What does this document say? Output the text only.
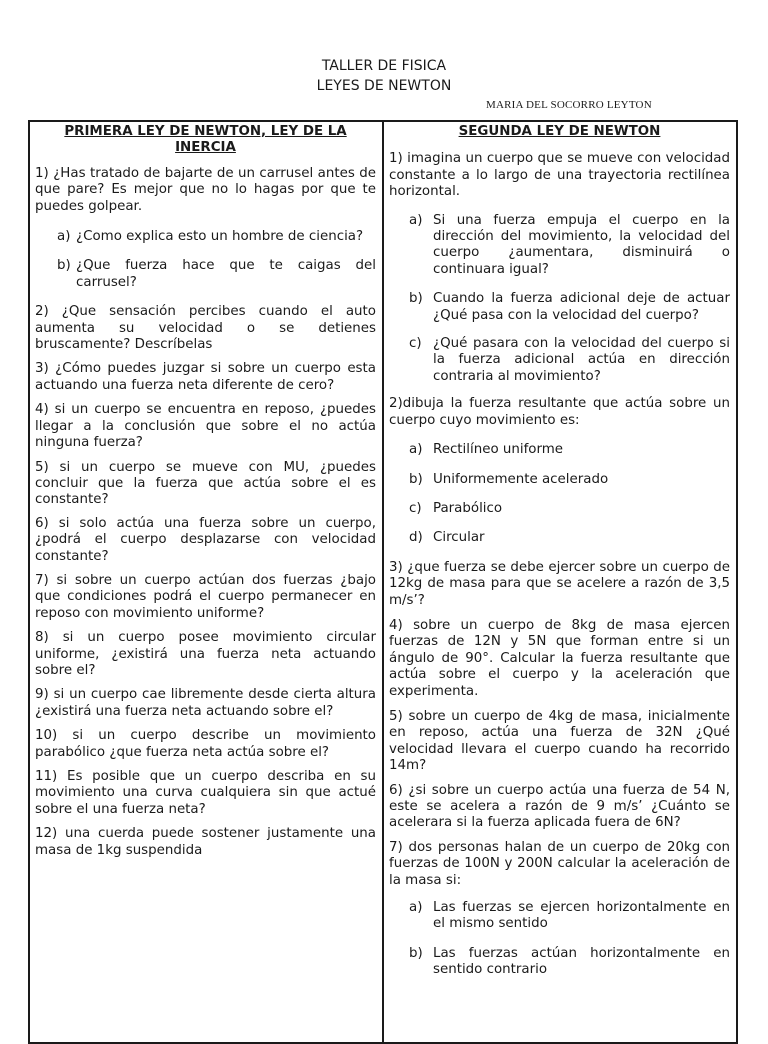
TALLER DE FISICA
LEYES DE NEWTON
MARIA DEL SOCORRO LEYTON

PRIMERA LEY DE NEWTON, LEY DE LA INERCIA

1) ¿Has tratado de bajarte de un carrusel antes de que pare? Es mejor que no lo hagas por que te puedes golpear.

a) ¿Como explica esto un hombre de ciencia?
b) ¿Que fuerza hace que te caigas del carrusel?

2) ¿Que sensación percibes cuando el auto aumenta su velocidad o se detienes bruscamente? Descríbelas

3) ¿Cómo puedes juzgar si sobre un cuerpo esta actuando una fuerza neta diferente de cero?

4) si un cuerpo se encuentra en reposo, ¿puedes llegar a la conclusión que sobre el no actúa ninguna fuerza?

5) si un cuerpo se mueve con MU, ¿puedes concluir que la fuerza que actúa sobre el es constante?

6) si solo actúa una fuerza sobre un cuerpo, ¿podrá el cuerpo desplazarse con velocidad constante?

7) si sobre un cuerpo actúan dos fuerzas ¿bajo que condiciones podrá el cuerpo permanecer en reposo con movimiento uniforme?

8) si un cuerpo posee movimiento circular uniforme, ¿existirá una fuerza neta actuando sobre el?

9) si un cuerpo cae libremente desde cierta altura ¿existirá una fuerza neta actuando sobre el?

10) si un cuerpo describe un movimiento parabólico ¿que fuerza neta actúa sobre el?

11) Es posible que un cuerpo describa en su movimiento una curva cualquiera sin que actué sobre el una fuerza neta?

12) una cuerda puede sostener justamente una masa de 1kg suspendida

SEGUNDA LEY DE NEWTON

1) imagina un cuerpo que se mueve con velocidad constante a lo largo de una trayectoria rectilínea horizontal.

a) Si una fuerza empuja el cuerpo en la dirección del movimiento, la velocidad del cuerpo ¿aumentara, disminuirá o continuara igual?
b) Cuando la fuerza adicional deje de actuar ¿Qué pasa con la velocidad del cuerpo?
c) ¿Qué pasara con la velocidad del cuerpo si la fuerza adicional actúa en dirección contraria al movimiento?

2)dibuja la fuerza resultante que actúa sobre un cuerpo cuyo movimiento es:

a) Rectilíneo uniforme
b) Uniformemente acelerado
c) Parabólico
d) Circular

3) ¿que fuerza se debe ejercer sobre un cuerpo de 12kg de masa para que se acelere a razón de 3,5 m/s’?

4) sobre un cuerpo de 8kg de masa ejercen fuerzas de 12N y 5N que forman entre si un ángulo de 90°. Calcular la fuerza resultante que actúa sobre el cuerpo y la aceleración que experimenta.

5) sobre un cuerpo de 4kg de masa, inicialmente en reposo, actúa una fuerza de 32N ¿Qué velocidad llevara el cuerpo cuando ha recorrido 14m?

6) ¿si sobre un cuerpo actúa una fuerza de 54 N, este se acelera a razón de 9 m/s’ ¿Cuánto se acelerara si la fuerza aplicada fuera de 6N?

7) dos personas halan de un cuerpo de 20kg con fuerzas de 100N y 200N calcular la aceleración de la masa si:

a) Las fuerzas se ejercen horizontalmente en el mismo sentido
b) Las fuerzas actúan horizontalmente en sentido contrario
